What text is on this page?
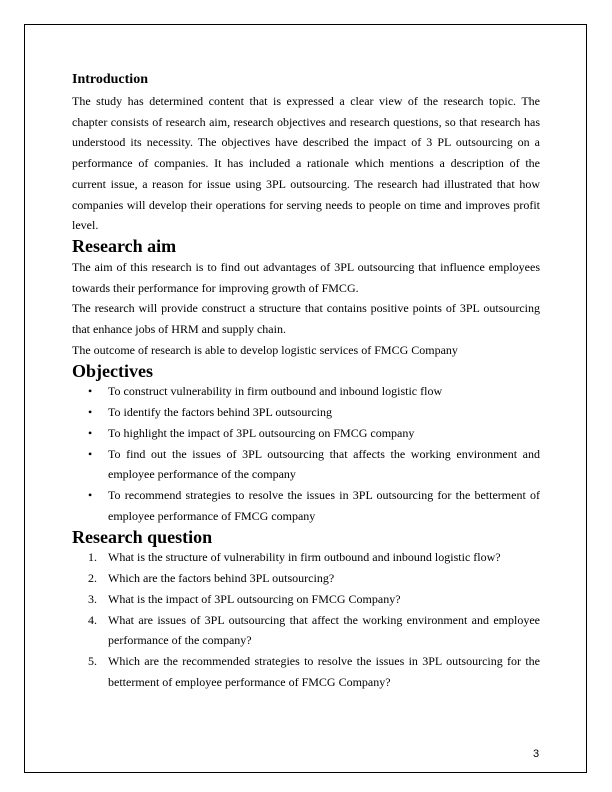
Introduction

The study has determined content that is expressed a clear view of the research topic. The chapter consists of research aim, research objectives and research questions, so that research has understood its necessity. The objectives have described the impact of 3 PL outsourcing on a performance of companies. It has included a rationale which mentions a description of the current issue, a reason for issue using 3PL outsourcing. The research had illustrated that how companies will develop their operations for serving needs to people on time and improves profit level.

Research aim

The aim of this research is to find out advantages of 3PL outsourcing that influence employees towards their performance for improving growth of FMCG.

The research will provide construct a structure that contains positive points of 3PL outsourcing that enhance jobs of HRM and supply chain.

The outcome of research is able to develop logistic services of FMCG Company

Objectives
• To construct vulnerability in firm outbound and inbound logistic flow
• To identify the factors behind 3PL outsourcing
• To highlight the impact of 3PL outsourcing on FMCG company
• To find out the issues of 3PL outsourcing that affects the working environment and employee performance of the company
• To recommend strategies to resolve the issues in 3PL outsourcing for the betterment of employee performance of FMCG company
Research question
1. What is the structure of vulnerability in firm outbound and inbound logistic flow?
2. Which are the factors behind 3PL outsourcing?
3. What is the impact of 3PL outsourcing on FMCG Company?
4. What are issues of 3PL outsourcing that affect the working environment and employee performance of the company?
5. Which are the recommended strategies to resolve the issues in 3PL outsourcing for the betterment of employee performance of FMCG Company?
3
